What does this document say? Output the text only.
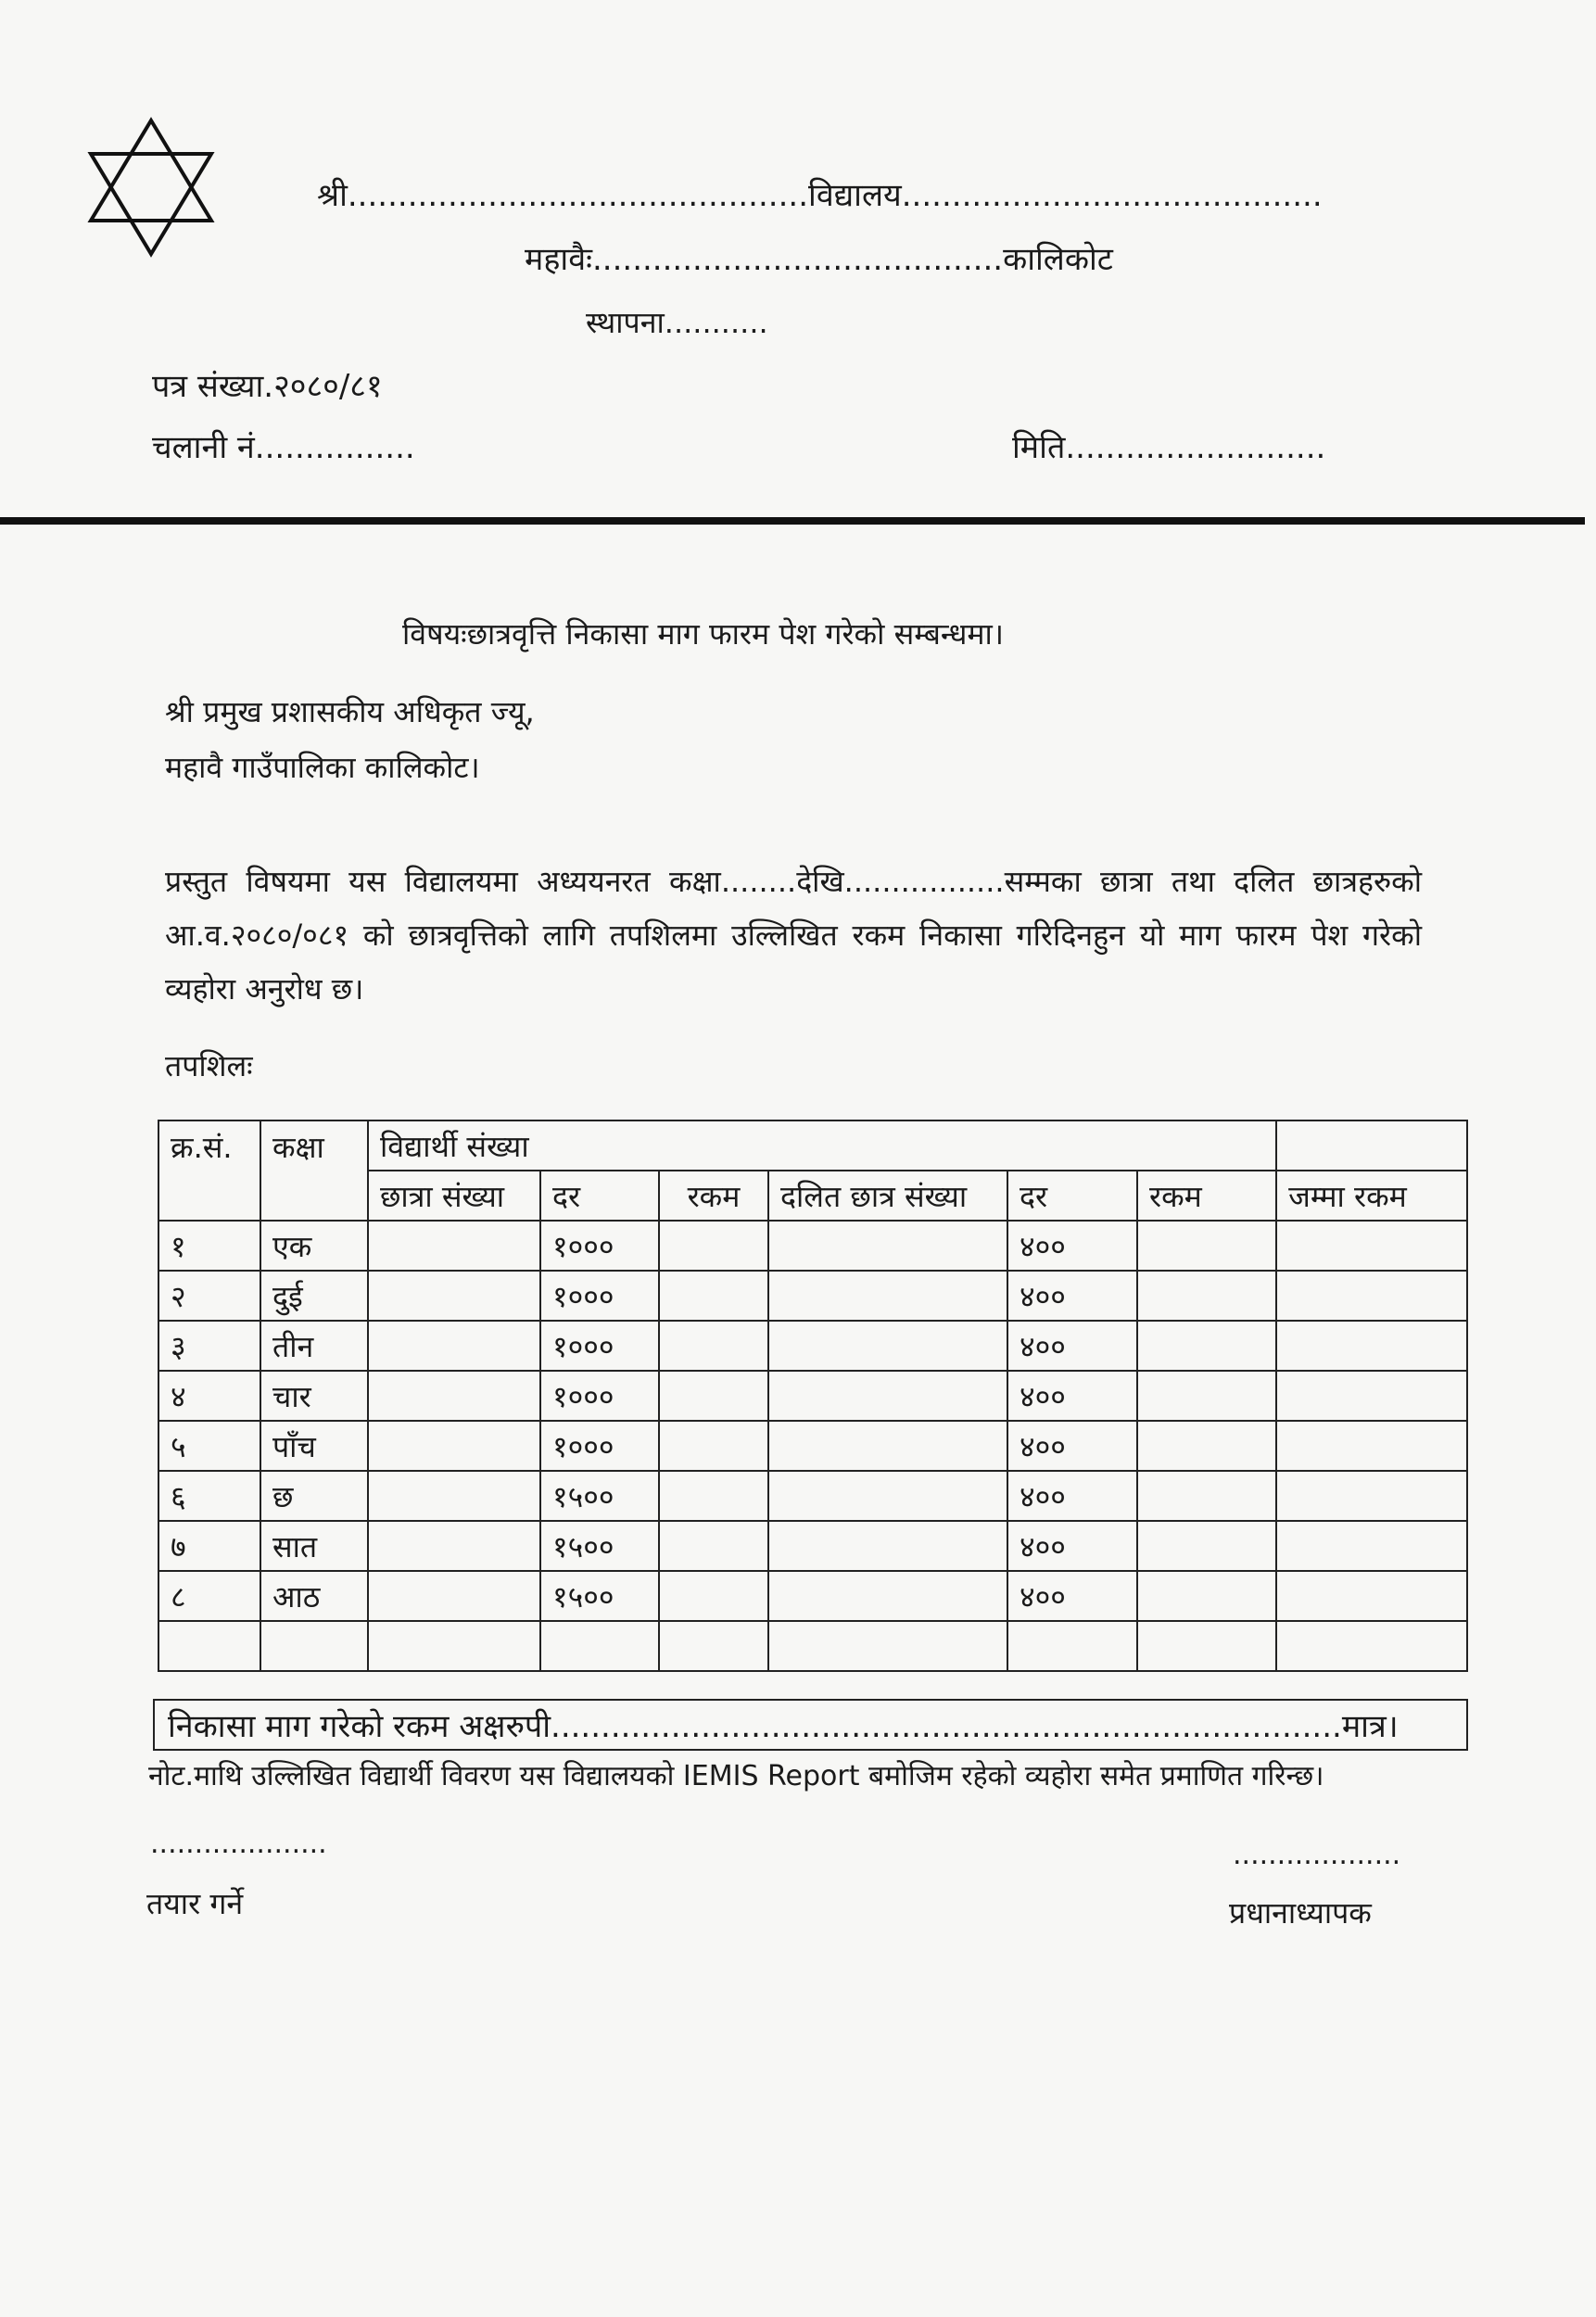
श्री..............................................विद्यालय..........................................
महावैः.........................................कालिकोट
स्थापना...........
पत्र संख्या.२०८०/८१
चलानी नं................	मिति..........................
विषयःछात्रवृत्ति निकासा माग फारम पेश गरेको सम्बन्धमा।
श्री प्रमुख प्रशासकीय अधिकृत ज्यू,
महावै गाउँपालिका कालिकोट।
प्रस्तुत विषयमा यस विद्यालयमा अध्ययनरत कक्षा........देखि.................सम्मका छात्रा तथा दलित छात्रहरुको आ.व.२०८०/०८१ को छात्रवृत्तिको लागि तपशिलमा उल्लिखित रकम निकासा गरिदिनहुन यो माग फारम पेश गरेको व्यहोरा अनुरोध छ।
तपशिलः
क्र.सं.	कक्षा	विद्यार्थी संख्या						
		छात्रा संख्या	दर	रकम	दलित छात्र संख्या	दर	रकम	जम्मा रकम
१	एक		१०००			४००		
२	दुई		१०००			४००		
३	तीन		१०००			४००		
४	चार		१०००			४००		
५	पाँच		१०००			४००		
६	छ		१५००			४००		
७	सात		१५००			४००		
८	आठ		१५००			४००		

निकासा माग गरेको रकम अक्षरुपी...............................................................................मात्र।
नोट.माथि उल्लिखित विद्यार्थी विवरण यस विद्यालयको IEMIS Report बमोजिम रहेको व्यहोरा समेत प्रमाणित गरिन्छ।
....................
तयार गर्ने
...................
प्रधानाध्यापक
